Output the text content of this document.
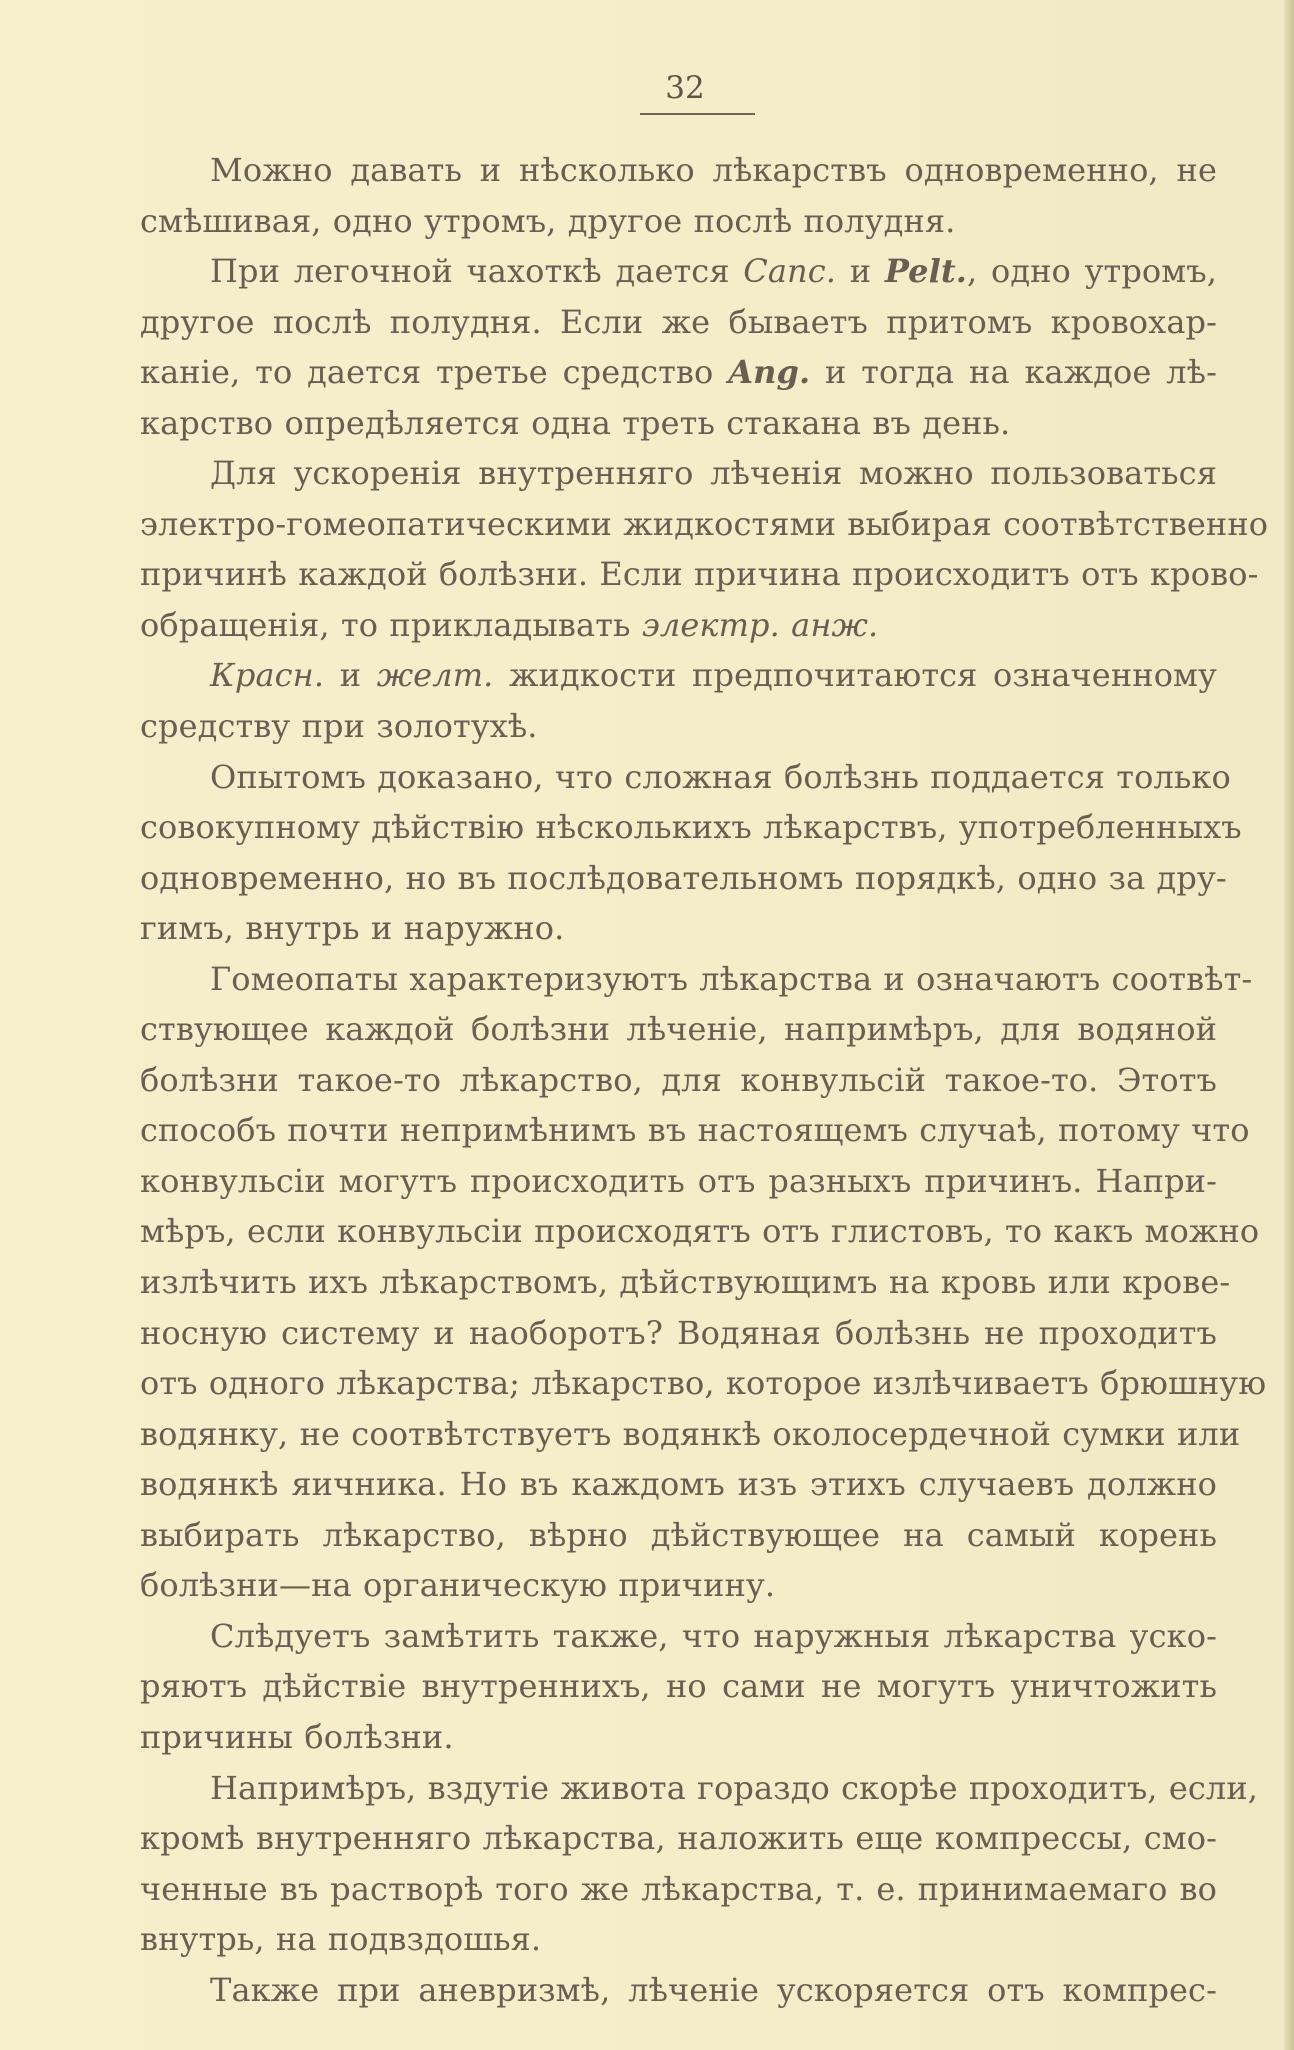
32
Можно давать и нѣсколько лѣкарствъ одновременно, не
смѣшивая, одно утромъ, другое послѣ полудня.
При легочной чахоткѣ дается Canc. и Pelt., одно утромъ,
другое послѣ полудня. Если же бываетъ притомъ кровохар-
каніе, то дается третье средство Ang. и тогда на каждое лѣ-
карство опредѣляется одна треть стакана въ день.
Для ускоренія внутренняго лѣченія можно пользоваться
электро-гомеопатическими жидкостями выбирая соотвѣтственно
причинѣ каждой болѣзни. Если причина происходитъ отъ крово-
обращенія, то прикладывать электр. анж.
Красн. и желт. жидкости предпочитаются означенному
средству при золотухѣ.
Опытомъ доказано, что сложная болѣзнь поддается только
совокупному дѣйствію нѣсколькихъ лѣкарствъ, употребленныхъ
одновременно, но въ послѣдовательномъ порядкѣ, одно за дру-
гимъ, внутрь и наружно.
Гомеопаты характеризуютъ лѣкарства и означаютъ соотвѣт-
ствующее каждой болѣзни лѣченіе, напримѣръ, для водяной
болѣзни такое-то лѣкарство, для конвульсій такое-то. Этотъ
способъ почти непримѣнимъ въ настоящемъ случаѣ, потому что
конвульсіи могутъ происходить отъ разныхъ причинъ. Напри-
мѣръ, если конвульсіи происходятъ отъ глистовъ, то какъ можно
излѣчить ихъ лѣкарствомъ, дѣйствующимъ на кровь или крове-
носную систему и наоборотъ? Водяная болѣзнь не проходитъ
отъ одного лѣкарства; лѣкарство, которое излѣчиваетъ брюшную
водянку, не соотвѣтствуетъ водянкѣ околосердечной сумки или
водянкѣ яичника. Но въ каждомъ изъ этихъ случаевъ должно
выбирать лѣкарство, вѣрно дѣйствующее на самый корень
болѣзни—на органическую причину.
Слѣдуетъ замѣтить также, что наружныя лѣкарства уско-
ряютъ дѣйствіе внутреннихъ, но сами не могутъ уничтожить
причины болѣзни.
Напримѣръ, вздутіе живота гораздо скорѣе проходитъ, если,
кромѣ внутренняго лѣкарства, наложить еще компрессы, смо-
ченные въ растворѣ того же лѣкарства, т. е. принимаемаго во
внутрь, на подвздошья.
Также при аневризмѣ, лѣченіе ускоряется отъ компрес-
